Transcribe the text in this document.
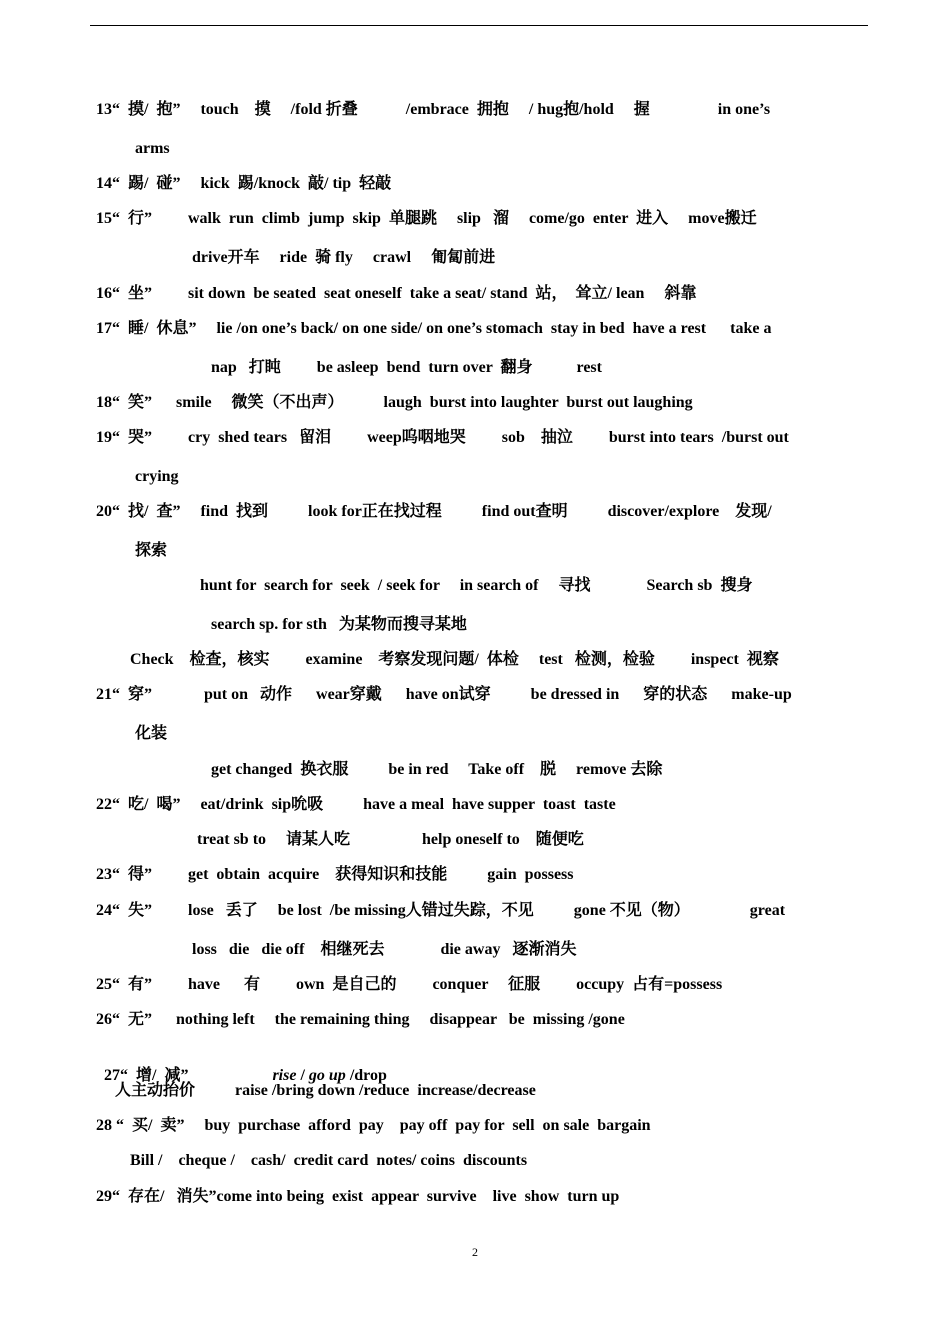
13“  摸/  抱”     touch    摸     /fold 折叠            /embrace  拥抱     / hug抱/hold     握                 in one’s
arms
14“  踢/  碰”     kick  踢/knock  敲/ tip  轻敲
15“  行”         walk  run  climb  jump  skip  单腿跳     slip   溜     come/go  enter  进入     move搬迁
drive开车     ride  骑 fly     crawl     匍匐前进
16“  坐”         sit down  be seated  seat oneself  take a seat/ stand  站，  耸立/ lean     斜靠
17“  睡/  休息”     lie /on one’s back/ on one side/ on one’s stomach  stay in bed  have a rest      take a
nap   打盹         be asleep  bend  turn over  翻身           rest
18“  笑”      smile     微笑（不出声）          laugh  burst into laughter  burst out laughing
19“  哭”         cry  shed tears   留泪         weep呜咽地哭         sob    抽泣         burst into tears  /burst out
crying
20“  找/  查”     find  找到          look for正在找过程          find out查明          discover/explore    发现/
探索
hunt for  search for  seek  / seek for     in search of     寻找              Search sb  搜身
search sp. for sth   为某物而搜寻某地
Check    检查，核实         examine    考察发现问题/  体检     test   检测，检验         inspect  视察
21“  穿”             put on   动作      wear穿戴      have on试穿          be dressed in      穿的状态      make-up
化装
get changed  换衣服          be in red     Take off    脱     remove 去除
22“  吃/  喝”     eat/drink  sip吮吸          have a meal  have supper  toast  taste
treat sb to     请某人吃                  help oneself to    随便吃
23“  得”         get  obtain  acquire    获得知识和技能          gain  possess
24“  失”         lose   丢了     be lost  /be missing人错过失踪，不见          gone 不见（物）               great
loss   die   die off    相继死去              die away   逐渐消失
25“  有”         have      有         own  是自己的         conquer     征服         occupy  占有=possess
26“  无”      nothing left     the remaining thing     disappear   be  missing /gone

27“  增/  减”	rise / go up /drop

人主动抬价          raise /bring down /reduce  increase/decrease
28 “  买/  卖”     buy  purchase  afford  pay    pay off  pay for  sell  on sale  bargain
Bill /    cheque /    cash/  credit card  notes/ coins  discounts
29“  存在/   消失”come into being  exist  appear  survive    live  show  turn up
2
